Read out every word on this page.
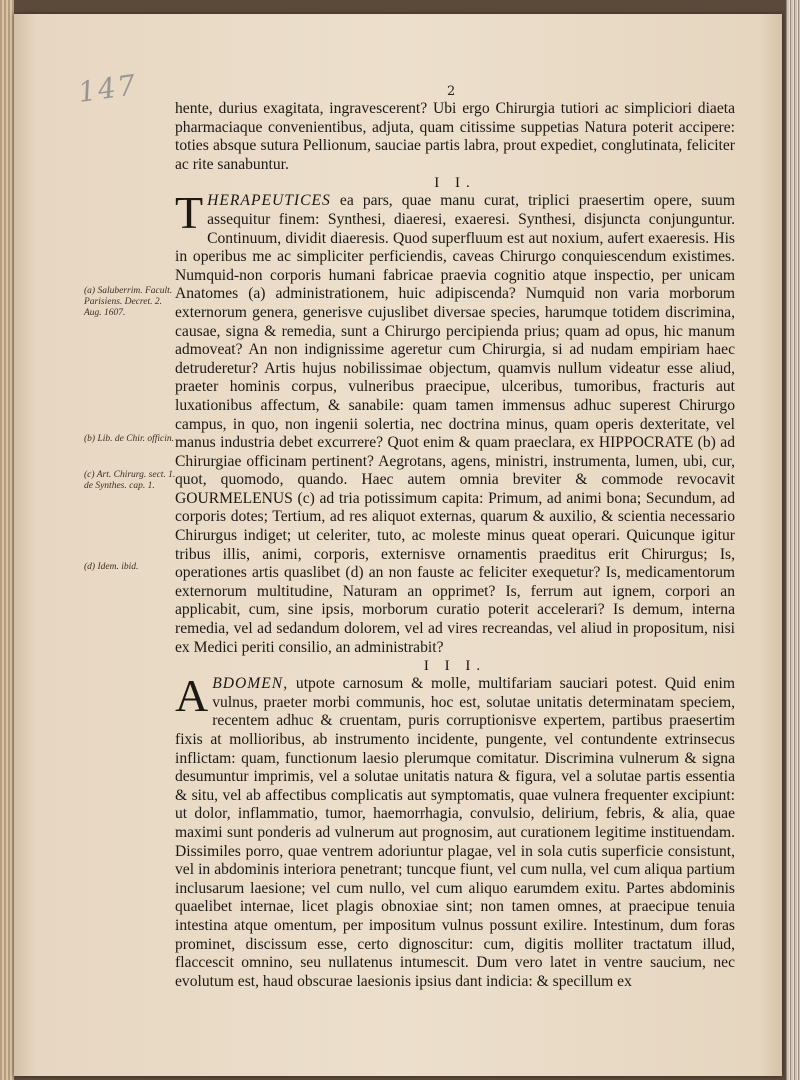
147	2
(a) Saluberrim. Facult. Parisiens. Decret. 2. Aug. 1607.
(b) Lib. de Chir. officin.
(c) Art. Chirurg. sect. 1. de Synthes. cap. 1.
(d) Idem. ibid.

hente, durius exagitata, ingravescerent? Ubi ergo Chirurgia tutiori ac simpliciori diaeta pharmaciaque convenientibus, adjuta, quam citissime suppetias Natura poterit accipere: toties absque sutura Pellionum, sauciae partis labra, prout expediet, conglutinata, feliciter ac rite sanabuntur.

I I.

THERAPEUTICES ea pars, quae manu curat, triplici praesertim opere, suum assequitur finem: Synthesi, diaeresi, exaeresi. Synthesi, disjuncta conjunguntur. Continuum, dividit diaeresis. Quod superfluum est aut noxium, aufert exaeresis. His in operibus me ac simpliciter perficiendis, caveas Chirurgo conquiescendum existimes. Numquid-non corporis humani fabricae praevia cognitio atque inspectio, per unicam Anatomes (a) administrationem, huic adipiscenda? Numquid non varia morborum externorum genera, generisve cujuslibet diversae species, harumque totidem discrimina, causae, signa & remedia, sunt a Chirurgo percipienda prius; quam ad opus, hic manum admoveat? An non indignissime ageretur cum Chirurgia, si ad nudam empiriam haec detruderetur? Artis hujus nobilissimae objectum, quamvis nullum videatur esse aliud, praeter hominis corpus, vulneribus praecipue, ulceribus, tumoribus, fracturis aut luxationibus affectum, & sanabile: quam tamen immensus adhuc superest Chirurgo campus, in quo, non ingenii solertia, nec doctrina minus, quam operis dexteritate, vel manus industria debet excurrere? Quot enim & quam praeclara, ex HIPPOCRATE (b) ad Chirurgiae officinam pertinent? Aegrotans, agens, ministri, instrumenta, lumen, ubi, cur, quot, quomodo, quando. Haec autem omnia breviter & commode revocavit GOURMELENUS (c) ad tria potissimum capita: Primum, ad animi bona; Secundum, ad corporis dotes; Tertium, ad res aliquot externas, quarum & auxilio, & scientia necessario Chirurgus indiget; ut celeriter, tuto, ac moleste minus queat operari. Quicunque igitur tribus illis, animi, corporis, externisve ornamentis praeditus erit Chirurgus; Is, operationes artis quaslibet (d) an non fauste ac feliciter exequetur? Is, medicamentorum externorum multitudine, Naturam an opprimet? Is, ferrum aut ignem, corpori an applicabit, cum, sine ipsis, morborum curatio poterit accelerari? Is demum, interna remedia, vel ad sedandum dolorem, vel ad vires recreandas, vel aliud in propositum, nisi ex Medici periti consilio, an administrabit?

I I I.

ABDOMEN, utpote carnosum & molle, multifariam sauciari potest. Quid enim vulnus, praeter morbi communis, hoc est, solutae unitatis determinatam speciem, recentem adhuc & cruentam, puris corruptionisve expertem, partibus praesertim fixis at mollioribus, ab instrumento incidente, pungente, vel contundente extrinsecus inflictam: quam, functionum laesio plerumque comitatur. Discrimina vulnerum & signa desumuntur imprimis, vel a solutae unitatis natura & figura, vel a solutae partis essentia & situ, vel ab affectibus complicatis aut symptomatis, quae vulnera frequenter excipiunt: ut dolor, inflammatio, tumor, haemorrhagia, convulsio, delirium, febris, & alia, quae maximi sunt ponderis ad vulnerum aut prognosim, aut curationem legitime instituendam. Dissimiles porro, quae ventrem adoriuntur plagae, vel in sola cutis superficie consistunt, vel in abdominis interiora penetrant; tuncque fiunt, vel cum nulla, vel cum aliqua partium inclusarum laesione; vel cum nullo, vel cum aliquo earumdem exitu. Partes abdominis quaelibet internae, licet plagis obnoxiae sint; non tamen omnes, at praecipue tenuia intestina atque omentum, per impositum vulnus possunt exilire. Intestinum, dum foras prominet, discissum esse, certo dignoscitur: cum, digitis molliter tractatum illud, flaccescit omnino, seu nullatenus intumescit. Dum vero latet in ventre saucium, nec evolutum est, haud obscurae laesionis ipsius dant indicia: & specillum ex
